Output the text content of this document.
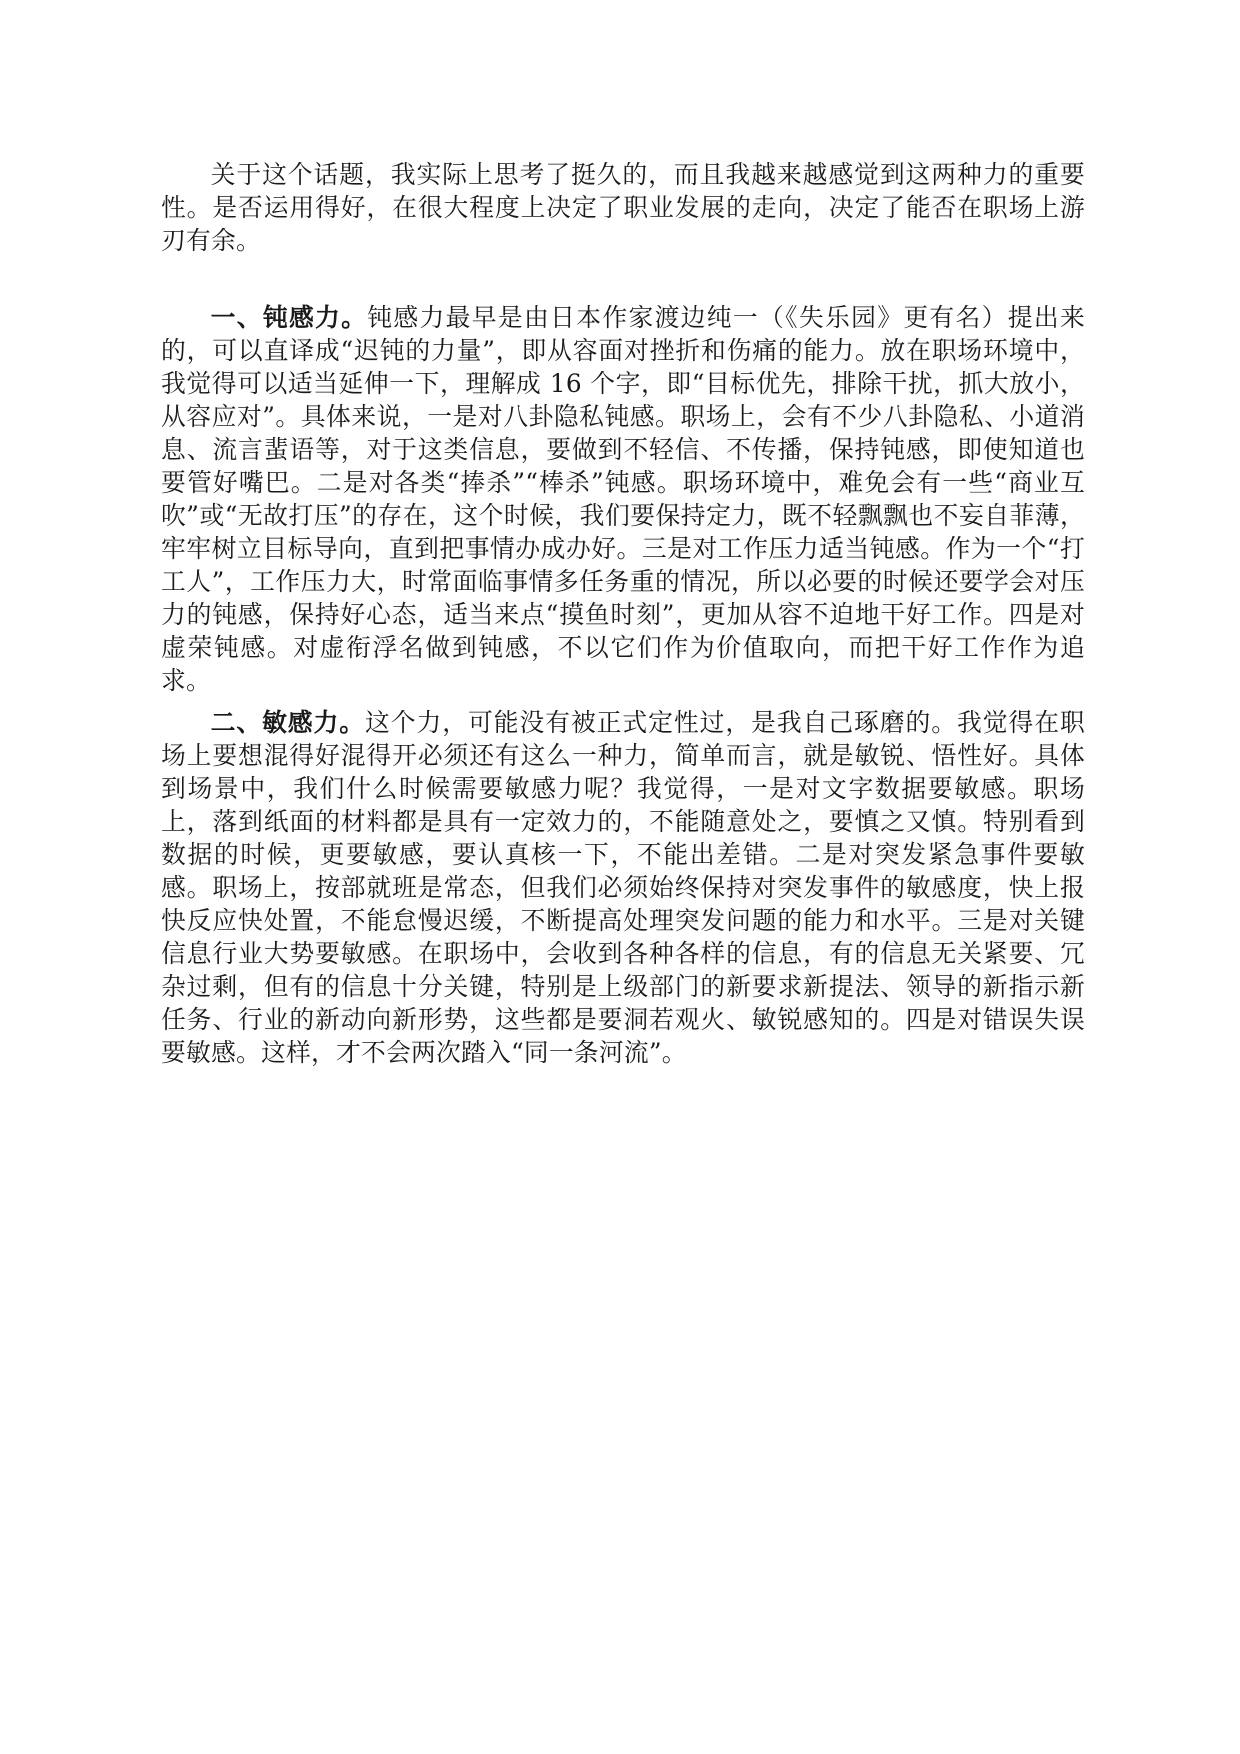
关于这个话题，我实际上思考了挺久的，而且我越来越感觉到这两种力的重要性。是否运用得好，在很大程度上决定了职业发展的走向，决定了能否在职场上游刃有余。

一、钝感力。钝感力最早是由日本作家渡边纯一（《失乐园》更有名）提出来的，可以直译成“迟钝的力量”，即从容面对挫折和伤痛的能力。放在职场环境中，我觉得可以适当延伸一下，理解成 16 个字，即“目标优先，排除干扰，抓大放小，从容应对”。具体来说，一是对八卦隐私钝感。职场上，会有不少八卦隐私、小道消息、流言蜚语等，对于这类信息，要做到不轻信、不传播，保持钝感，即使知道也要管好嘴巴。二是对各类“捧杀”“棒杀”钝感。职场环境中，难免会有一些“商业互吹”或“无故打压”的存在，这个时候，我们要保持定力，既不轻飘飘也不妄自菲薄，牢牢树立目标导向，直到把事情办成办好。三是对工作压力适当钝感。作为一个“打工人”，工作压力大，时常面临事情多任务重的情况，所以必要的时候还要学会对压力的钝感，保持好心态，适当来点“摸鱼时刻”，更加从容不迫地干好工作。四是对虚荣钝感。对虚衔浮名做到钝感，不以它们作为价值取向，而把干好工作作为追求。

二、敏感力。这个力，可能没有被正式定性过，是我自己琢磨的。我觉得在职场上要想混得好混得开必须还有这么一种力，简单而言，就是敏锐、悟性好。具体到场景中，我们什么时候需要敏感力呢？我觉得，一是对文字数据要敏感。职场上，落到纸面的材料都是具有一定效力的，不能随意处之，要慎之又慎。特别看到数据的时候，更要敏感，要认真核一下，不能出差错。二是对突发紧急事件要敏感。职场上，按部就班是常态，但我们必须始终保持对突发事件的敏感度，快上报快反应快处置，不能怠慢迟缓，不断提高处理突发问题的能力和水平。三是对关键信息行业大势要敏感。在职场中，会收到各种各样的信息，有的信息无关紧要、冗杂过剩，但有的信息十分关键，特别是上级部门的新要求新提法、领导的新指示新任务、行业的新动向新形势，这些都是要洞若观火、敏锐感知的。四是对错误失误要敏感。这样，才不会两次踏入“同一条河流”。
